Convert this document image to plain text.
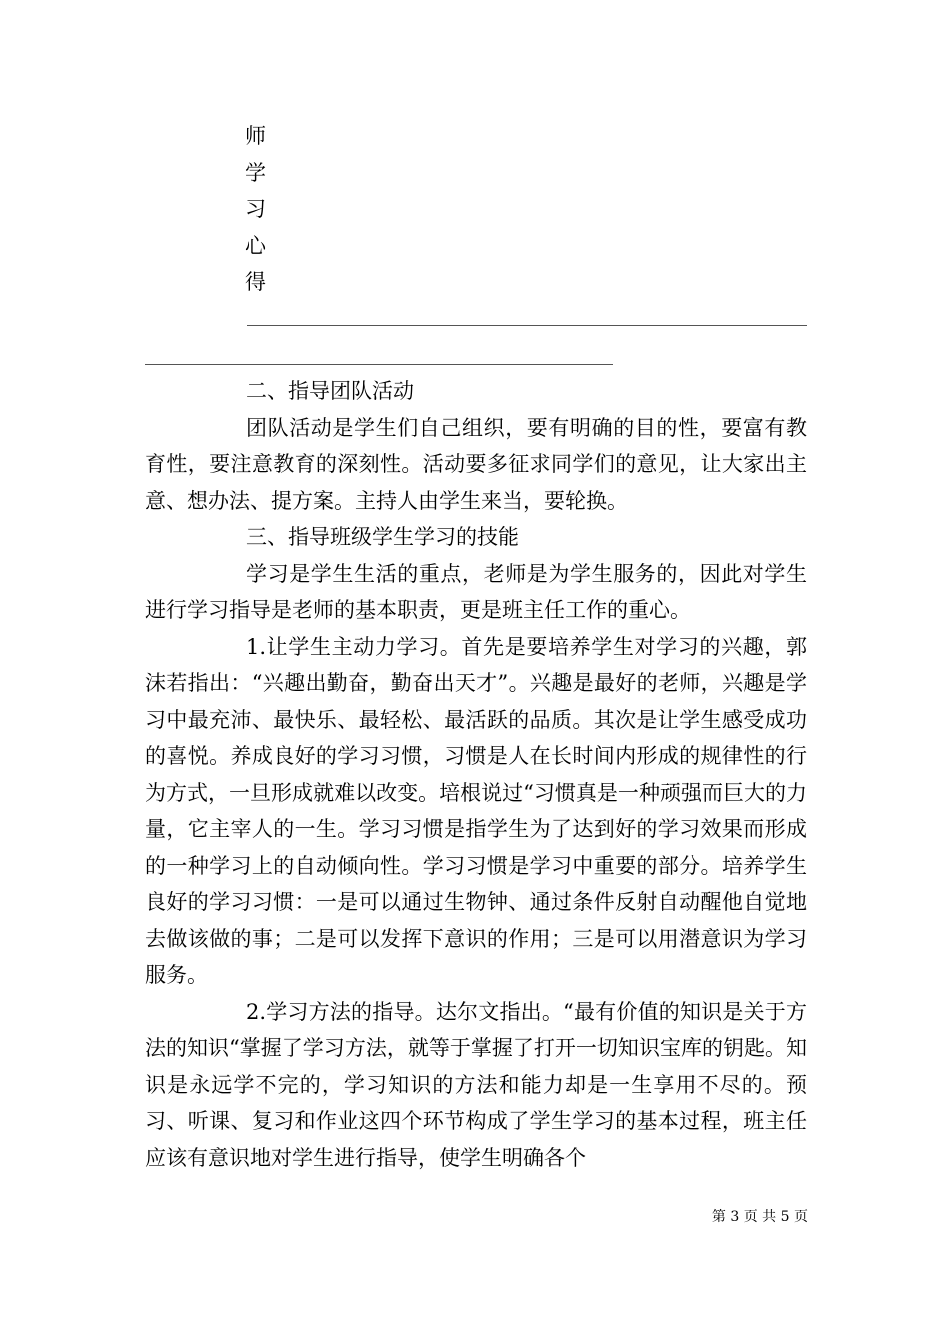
师
学
习
心
得

二、指导团队活动

团队活动是学生们自己组织，要有明确的目的性，要富有教育性，要注意教育的深刻性。活动要多征求同学们的意见，让大家出主意、想办法、提方案。主持人由学生来当，要轮换。

三、指导班级学生学习的技能

学习是学生生活的重点，老师是为学生服务的，因此对学生进行学习指导是老师的基本职责，更是班主任工作的重心。

1.让学生主动力学习。首先是要培养学生对学习的兴趣，郭沫若指出：“兴趣出勤奋，勤奋出天才”。兴趣是最好的老师，兴趣是学习中最充沛、最快乐、最轻松、最活跃的品质。其次是让学生感受成功的喜悦。养成良好的学习习惯，习惯是人在长时间内形成的规律性的行为方式，一旦形成就难以改变。培根说过“习惯真是一种顽强而巨大的力量，它主宰人的一生。学习习惯是指学生为了达到好的学习效果而形成的一种学习上的自动倾向性。学习习惯是学习中重要的部分。培养学生良好的学习习惯：一是可以通过生物钟、通过条件反射自动醒他自觉地去做该做的事；二是可以发挥下意识的作用；三是可以用潜意识为学习服务。

2.学习方法的指导。达尔文指出。“最有价值的知识是关于方法的知识“掌握了学习方法，就等于掌握了打开一切知识宝库的钥匙。知识是永远学不完的，学习知识的方法和能力却是一生享用不尽的。预习、听课、复习和作业这四个环节构成了学生学习的基本过程，班主任应该有意识地对学生进行指导，使学生明确各个

第 3 页 共 5 页
